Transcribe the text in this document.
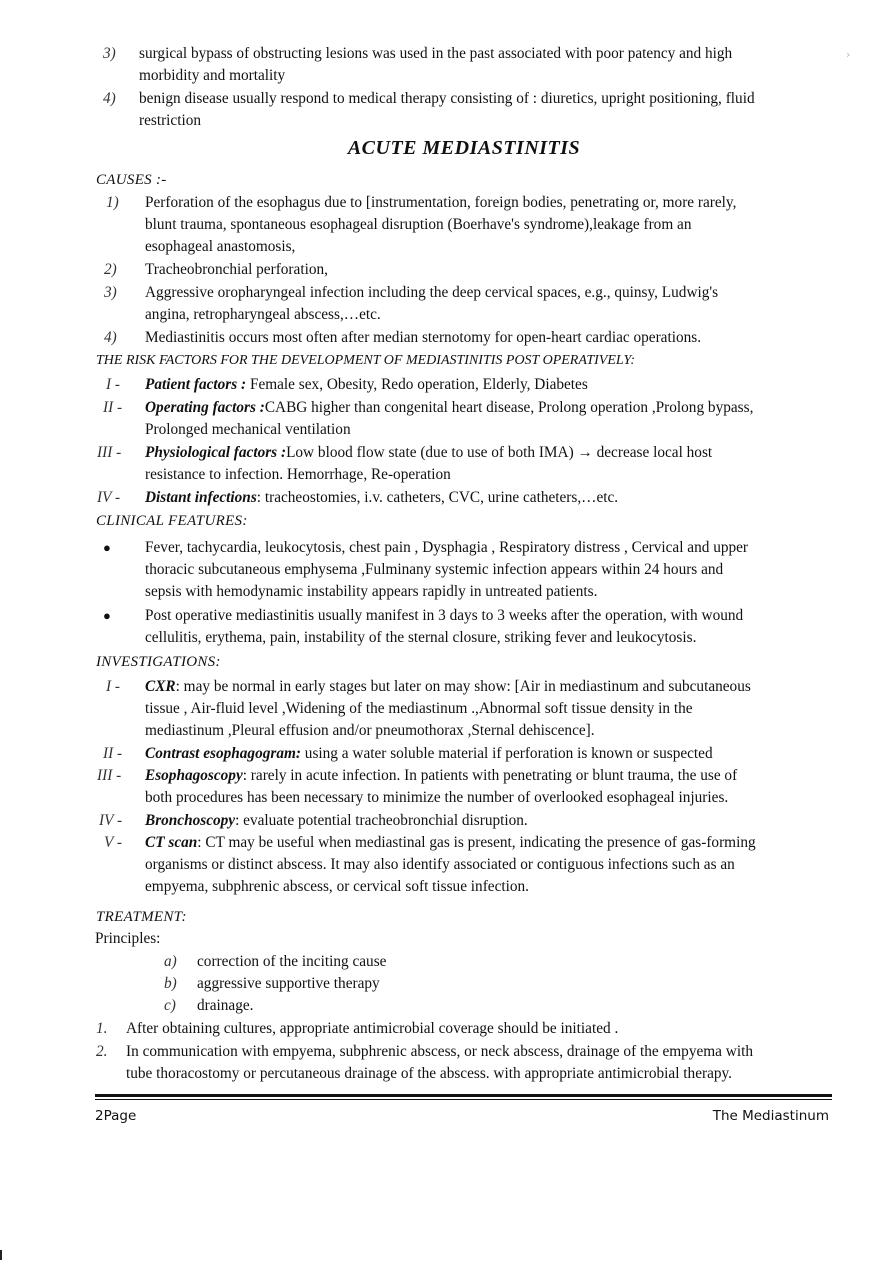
3) surgical bypass of obstructing lesions was used in the past associated with poor patency and high
morbidity and mortality
4) benign disease usually respond to medical therapy consisting of : diuretics, upright positioning, fluid
restriction
ACUTE MEDIASTINITIS
CAUSES :-
1) Perforation of the esophagus due to [instrumentation, foreign bodies, penetrating or, more rarely,
blunt trauma, spontaneous esophageal disruption (Boerhave's syndrome),leakage from an
esophageal anastomosis,
2) Tracheobronchial perforation,
3) Aggressive oropharyngeal infection including the deep cervical spaces, e.g., quinsy, Ludwig's
angina, retropharyngeal abscess,…etc.
4) Mediastinitis occurs most often after median sternotomy for open-heart cardiac operations.
THE RISK FACTORS FOR THE DEVELOPMENT OF MEDIASTINITIS POST OPERATIVELY:
I - Patient factors : Female sex, Obesity, Redo operation, Elderly, Diabetes
II - Operating factors :CABG higher than congenital heart disease, Prolong operation ,Prolong bypass,
Prolonged mechanical ventilation
III - Physiological factors :Low blood flow state (due to use of both IMA) → decrease local host
resistance to infection. Hemorrhage, Re-operation
IV - Distant infections: tracheostomies, i.v. catheters, CVC, urine catheters,…etc.
CLINICAL FEATURES:
● Fever, tachycardia, leukocytosis, chest pain , Dysphagia , Respiratory distress , Cervical and upper
thoracic subcutaneous emphysema ,Fulminany systemic infection appears within 24 hours and
sepsis with hemodynamic instability appears rapidly in untreated patients.
● Post operative mediastinitis usually manifest in 3 days to 3 weeks after the operation, with wound
cellulitis, erythema, pain, instability of the sternal closure, striking fever and leukocytosis.
INVESTIGATIONS:
I - CXR: may be normal in early stages but later on may show: [Air in mediastinum and subcutaneous
tissue , Air-fluid level ,Widening of the mediastinum .,Abnormal soft tissue density in the
mediastinum ,Pleural effusion and/or pneumothorax ,Sternal dehiscence].
II - Contrast esophagogram: using a water soluble material if perforation is known or suspected
III - Esophagoscopy: rarely in acute infection. In patients with penetrating or blunt trauma, the use of
both procedures has been necessary to minimize the number of overlooked esophageal injuries.
IV - Bronchoscopy: evaluate potential tracheobronchial disruption.
V - CT scan: CT may be useful when mediastinal gas is present, indicating the presence of gas-forming
organisms or distinct abscess. It may also identify associated or contiguous infections such as an
empyema, subphrenic abscess, or cervical soft tissue infection.
TREATMENT:
Principles:
a) correction of the inciting cause
b) aggressive supportive therapy
c) drainage.
1. After obtaining cultures, appropriate antimicrobial coverage should be initiated .
2. In communication with empyema, subphrenic abscess, or neck abscess, drainage of the empyema with
tube thoracostomy or percutaneous drainage of the abscess. with appropriate antimicrobial therapy.
2Page	The Mediastinum
›
